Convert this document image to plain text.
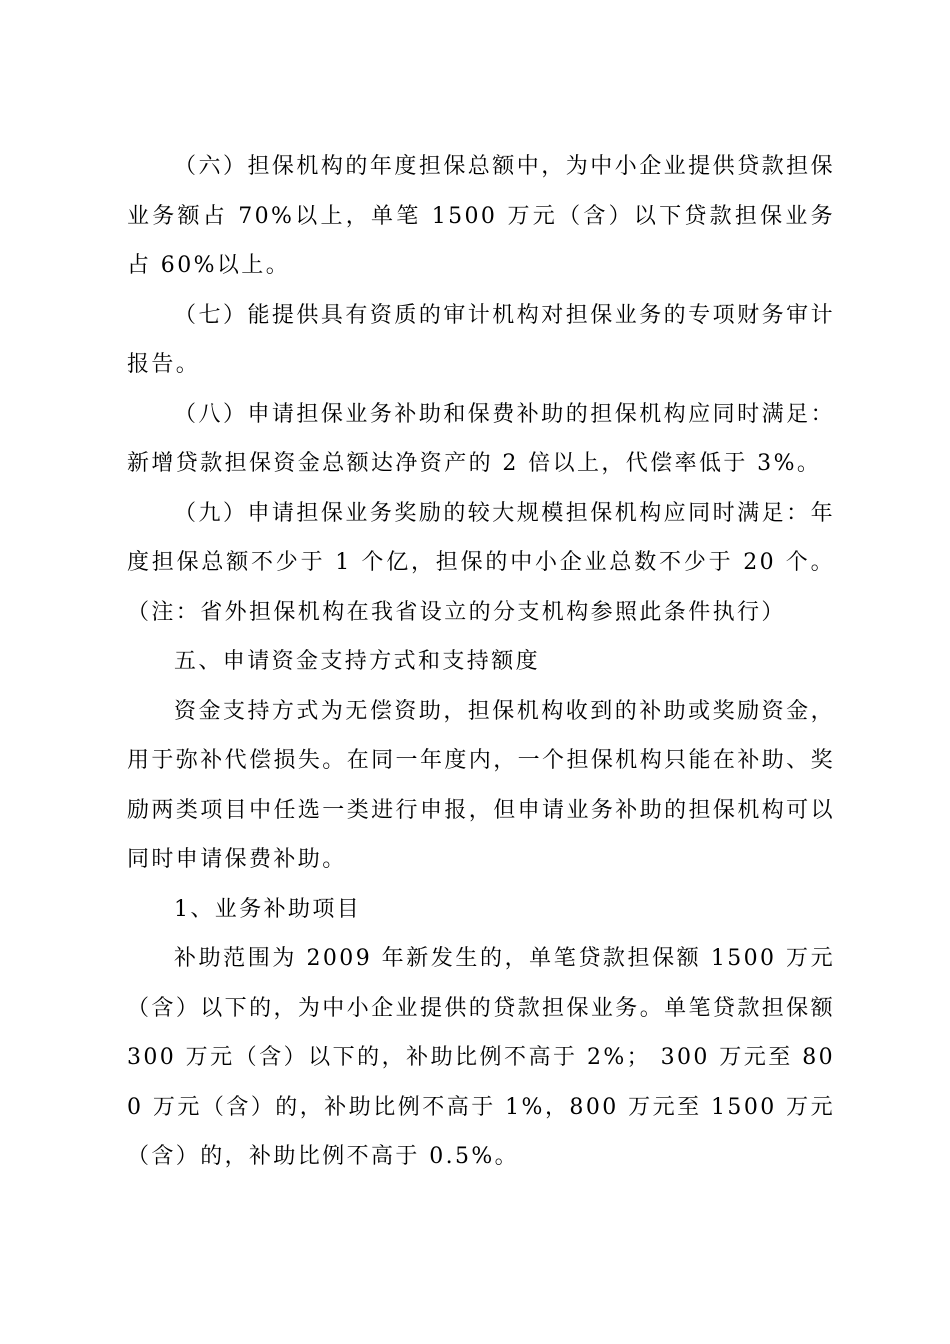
（六）担保机构的年度担保总额中，为中小企业提供贷款担保业务额占 70%以上，单笔 1500 万元（含）以下贷款担保业务占 60%以上。

（七）能提供具有资质的审计机构对担保业务的专项财务审计报告。

（八）申请担保业务补助和保费补助的担保机构应同时满足：新增贷款担保资金总额达净资产的 2 倍以上，代偿率低于 3%。

（九）申请担保业务奖励的较大规模担保机构应同时满足：年度担保总额不少于 1 个亿，担保的中小企业总数不少于 20 个。（注：省外担保机构在我省设立的分支机构参照此条件执行）

五、申请资金支持方式和支持额度

资金支持方式为无偿资助，担保机构收到的补助或奖励资金，用于弥补代偿损失。在同一年度内，一个担保机构只能在补助、奖励两类项目中任选一类进行申报，但申请业务补助的担保机构可以同时申请保费补助。

1、业务补助项目

补助范围为 2009 年新发生的，单笔贷款担保额 1500 万元（含）以下的，为中小企业提供的贷款担保业务。单笔贷款担保额 300 万元（含）以下的，补助比例不高于 2%； 300 万元至 800 万元（含）的，补助比例不高于 1%，800 万元至 1500 万元（含）的，补助比例不高于 0.5%。
